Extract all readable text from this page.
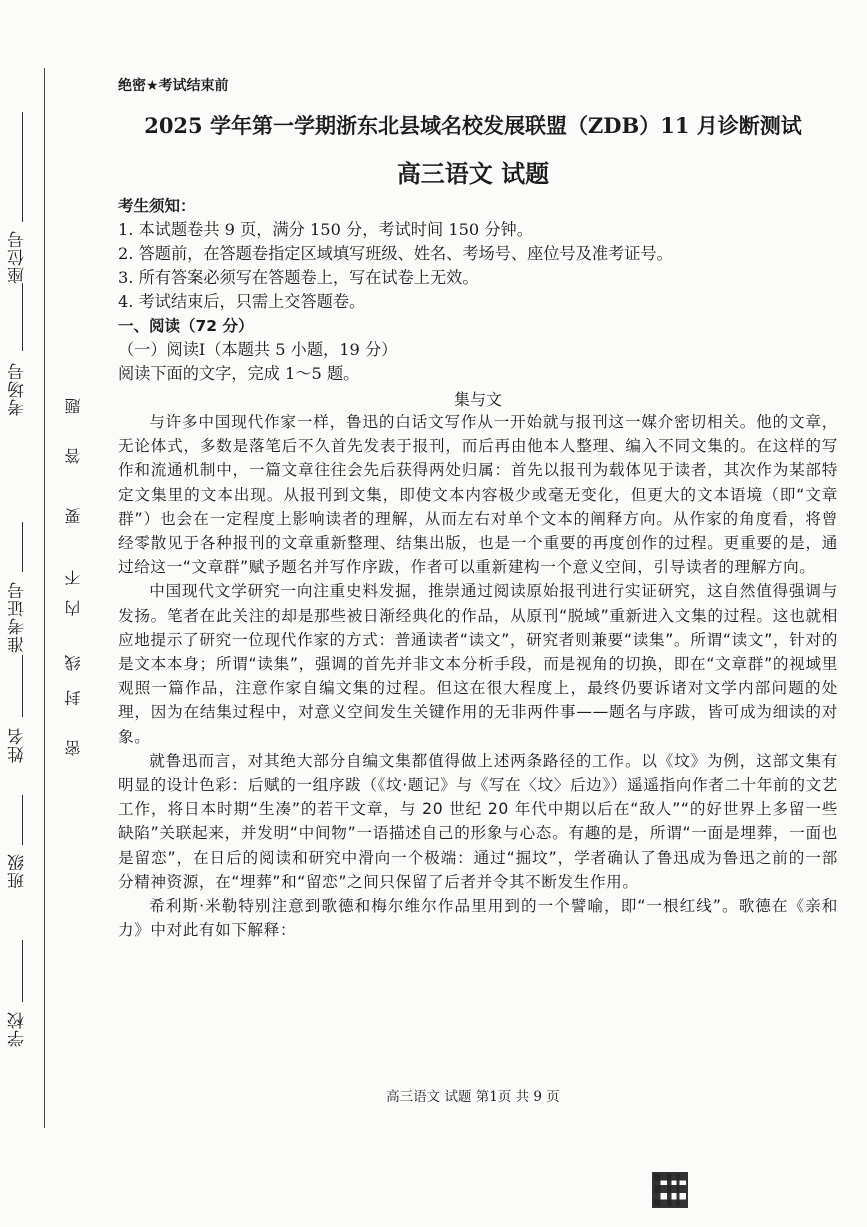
座位号
考场号
准考证号
姓名
班级
学校
题
答
要
不
内
线
封
密
绝密★考试结束前
2025 学年第一学期浙东北县域名校发展联盟（ZDB）11 月诊断测试
高三语文 试题
考生须知：
1. 本试题卷共 9 页，满分 150 分，考试时间 150 分钟。
2. 答题前，在答题卷指定区域填写班级、姓名、考场号、座位号及准考证号。
3. 所有答案必须写在答题卷上，写在试卷上无效。
4. 考试结束后，只需上交答题卷。
一、阅读（72 分）
（一）阅读Ⅰ（本题共 5 小题，19 分）
阅读下面的文字，完成 1～5 题。
集与文

与许多中国现代作家一样，鲁迅的白话文写作从一开始就与报刊这一媒介密切相关。他的文章，无论体式，多数是落笔后不久首先发表于报刊，而后再由他本人整理、编入不同文集的。在这样的写作和流通机制中，一篇文章往往会先后获得两处归属：首先以报刊为载体见于读者，其次作为某部特定文集里的文本出现。从报刊到文集，即使文本内容极少或毫无变化，但更大的文本语境（即“文章群”）也会在一定程度上影响读者的理解，从而左右对单个文本的阐释方向。从作家的角度看，将曾经零散见于各种报刊的文章重新整理、结集出版，也是一个重要的再度创作的过程。更重要的是，通过给这一“文章群”赋予题名并写作序跋，作者可以重新建构一个意义空间，引导读者的理解方向。

中国现代文学研究一向注重史料发掘，推崇通过阅读原始报刊进行实证研究，这自然值得强调与发扬。笔者在此关注的却是那些被日渐经典化的作品，从原刊“脱域”重新进入文集的过程。这也就相应地提示了研究一位现代作家的方式：普通读者“读文”，研究者则兼要“读集”。所谓“读文”，针对的是文本本身；所谓“读集”，强调的首先并非文本分析手段，而是视角的切换，即在“文章群”的视域里观照一篇作品，注意作家自编文集的过程。但这在很大程度上，最终仍要诉诸对文学内部问题的处理，因为在结集过程中，对意义空间发生关键作用的无非两件事——题名与序跋，皆可成为细读的对象。

就鲁迅而言，对其绝大部分自编文集都值得做上述两条路径的工作。以《坟》为例，这部文集有明显的设计色彩：后赋的一组序跋（《坟·题记》与《写在〈坟〉后边》）遥遥指向作者二十年前的文艺工作，将日本时期“生凑”的若干文章，与 20 世纪 20 年代中期以后在“敌人”“的好世界上多留一些缺陷”关联起来，并发明“中间物”一语描述自己的形象与心态。有趣的是，所谓“一面是埋葬，一面也是留恋”，在日后的阅读和研究中滑向一个极端：通过“掘坟”，学者确认了鲁迅成为鲁迅之前的一部分精神资源，在“埋葬”和“留恋”之间只保留了后者并令其不断发生作用。

希利斯·米勒特别注意到歌德和梅尔维尔作品里用到的一个譬喻，即“一根红线”。歌德在《亲和力》中对此有如下解释：

高三语文 试题 第1页 共 9 页
